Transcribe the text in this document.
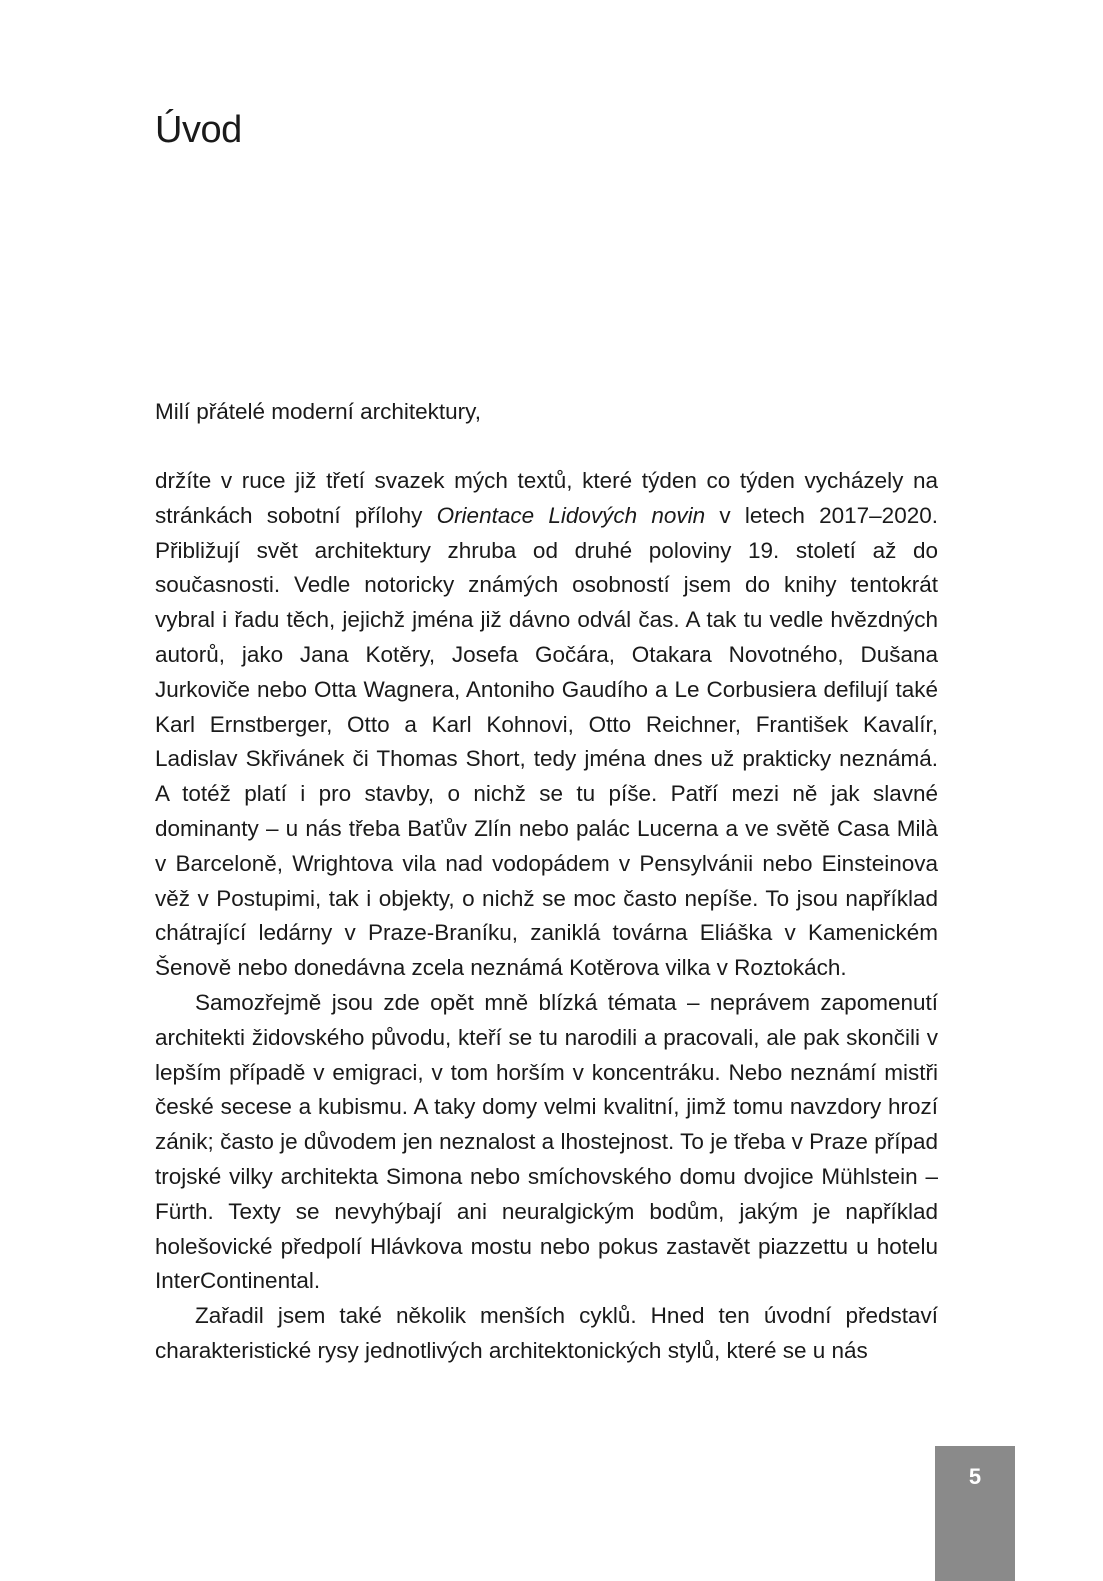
Úvod

Milí přátelé moderní architektury,

držíte v ruce již třetí svazek mých textů, které týden co týden vycházely na stránkách sobotní přílohy Orientace Lidových novin v letech 2017–2020. Přibližují svět architektury zhruba od druhé poloviny 19. století až do současnosti. Vedle notoricky známých osobností jsem do knihy tentokrát vybral i řadu těch, jejichž jména již dávno odvál čas. A tak tu vedle hvězdných autorů, jako Jana Kotěry, Josefa Gočára, Otakara Novotného, Dušana Jurkoviče nebo Otta Wagnera, Antoniho Gaudího a Le Corbusiera defilují také Karl Ernstberger, Otto a Karl Kohnovi, Otto Reichner, František Kavalír, Ladislav Skřivánek či Thomas Short, tedy jména dnes už prakticky neznámá. A totéž platí i pro stavby, o nichž se tu píše. Patří mezi ně jak slavné dominanty – u nás třeba Baťův Zlín nebo palác Lucerna a ve světě Casa Milà v Barceloně, Wrightova vila nad vodopádem v Pensylvánii nebo Einsteinova věž v Postupimi, tak i objekty, o nichž se moc často nepíše. To jsou například chátrající ledárny v Praze-Braníku, zaniklá továrna Eliáška v Kamenickém Šenově nebo donedávna zcela neznámá Kotěrova vilka v Roztokách.

Samozřejmě jsou zde opět mně blízká témata – neprávem zapomenutí architekti židovského původu, kteří se tu narodili a pracovali, ale pak skončili v lepším případě v emigraci, v tom horším v koncentráku. Nebo neznámí mistři české secese a kubismu. A taky domy velmi kvalitní, jimž tomu navzdory hrozí zánik; často je důvodem jen neznalost a lhostejnost. To je třeba v Praze případ trojské vilky architekta Simona nebo smíchovského domu dvojice Mühlstein – Fürth. Texty se nevyhýbají ani neuralgickým bodům, jakým je například holešovické předpolí Hlávkova mostu nebo pokus zastavět piazzettu u hotelu InterContinental.

Zařadil jsem také několik menších cyklů. Hned ten úvodní představí charakteristické rysy jednotlivých architektonických stylů, které se u nás

5
